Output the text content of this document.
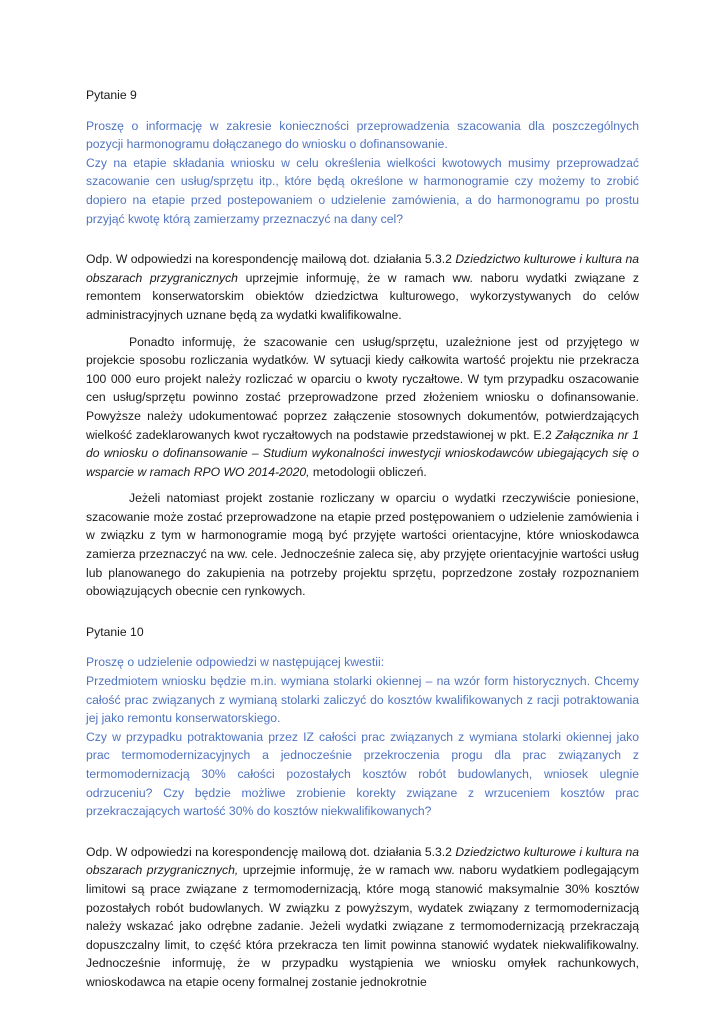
Pytanie 9

Proszę o informację w zakresie konieczności przeprowadzenia szacowania dla poszczególnych pozycji harmonogramu dołączanego do wniosku o dofinansowanie.

Czy na etapie składania wniosku w celu określenia wielkości kwotowych musimy przeprowadzać szacowanie cen usług/sprzętu itp., które będą określone w harmonogramie czy możemy to zrobić dopiero na etapie przed postepowaniem o udzielenie zamówienia, a do harmonogramu po prostu przyjąć kwotę którą zamierzamy przeznaczyć na dany cel?

Odp. W odpowiedzi na korespondencję mailową dot. działania 5.3.2 Dziedzictwo kulturowe i kultura na obszarach przygranicznych uprzejmie informuję, że w ramach ww. naboru wydatki związane z remontem konserwatorskim obiektów dziedzictwa kulturowego, wykorzystywanych do celów administracyjnych uznane będą za wydatki kwalifikowalne.

Ponadto informuję, że szacowanie cen usług/sprzętu, uzależnione jest od przyjętego w projekcie sposobu rozliczania wydatków. W sytuacji kiedy całkowita wartość projektu nie przekracza 100 000 euro projekt należy rozliczać w oparciu o kwoty ryczałtowe. W tym przypadku oszacowanie cen usług/sprzętu powinno zostać przeprowadzone przed złożeniem wniosku o dofinansowanie. Powyższe należy udokumentować poprzez załączenie stosownych dokumentów, potwierdzających wielkość zadeklarowanych kwot ryczałtowych na podstawie przedstawionej w pkt. E.2 Załącznika nr 1 do wniosku o dofinansowanie – Studium wykonalności inwestycji wnioskodawców ubiegających się o wsparcie w ramach RPO WO 2014-2020, metodologii obliczeń.

Jeżeli natomiast projekt zostanie rozliczany w oparciu o wydatki rzeczywiście poniesione, szacowanie może zostać przeprowadzone na etapie przed postępowaniem o udzielenie zamówienia i w związku z tym w harmonogramie mogą być przyjęte wartości orientacyjne, które wnioskodawca zamierza przeznaczyć na ww. cele. Jednocześnie zaleca się, aby przyjęte orientacyjnie wartości usług lub planowanego do zakupienia na potrzeby projektu sprzętu, poprzedzone zostały rozpoznaniem obowiązujących obecnie cen rynkowych.

Pytanie 10

Proszę o udzielenie odpowiedzi w następującej kwestii:

Przedmiotem wniosku będzie m.in. wymiana stolarki okiennej – na wzór form historycznych. Chcemy całość prac związanych z wymianą stolarki zaliczyć do kosztów kwalifikowanych z racji potraktowania jej jako remontu konserwatorskiego.

Czy w przypadku potraktowania przez IZ całości prac związanych z wymiana stolarki okiennej jako prac termomodernizacyjnych a jednocześnie przekroczenia progu dla prac związanych z termomodernizacją 30% całości pozostałych kosztów robót budowlanych, wniosek ulegnie odrzuceniu? Czy będzie możliwe zrobienie korekty związane z wrzuceniem kosztów prac przekraczających wartość 30% do kosztów niekwalifikowanych?

Odp. W odpowiedzi na korespondencję mailową dot. działania 5.3.2 Dziedzictwo kulturowe i kultura na obszarach przygranicznych, uprzejmie informuję, że w ramach ww. naboru wydatkiem podlegającym limitowi są prace związane z termomodernizacją, które mogą stanowić maksymalnie 30% kosztów pozostałych robót budowlanych. W związku z powyższym, wydatek związany z termomodernizacją należy wskazać jako odrębne zadanie. Jeżeli wydatki związane z termomodernizacją przekraczają dopuszczalny limit, to część która przekracza ten limit powinna stanowić wydatek niekwalifikowalny. Jednocześnie informuję, że w przypadku wystąpienia we wniosku omyłek rachunkowych, wnioskodawca na etapie oceny formalnej zostanie jednokrotnie
